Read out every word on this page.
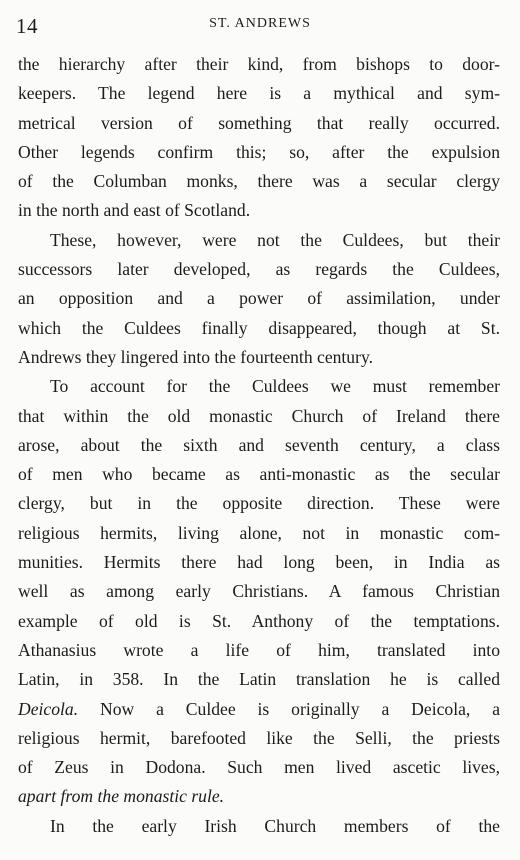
14	ST. ANDREWS
the hierarchy after their kind, from bishops to door-
keepers. The legend here is a mythical and sym-
metrical version of something that really occurred.
Other legends confirm this; so, after the expulsion
of the Columban monks, there was a secular clergy
in the north and east of Scotland.
These, however, were not the Culdees, but their
successors later developed, as regards the Culdees,
an opposition and a power of assimilation, under
which the Culdees finally disappeared, though at St.
Andrews they lingered into the fourteenth century.
To account for the Culdees we must remember
that within the old monastic Church of Ireland there
arose, about the sixth and seventh century, a class
of men who became as anti-monastic as the secular
clergy, but in the opposite direction. These were
religious hermits, living alone, not in monastic com-
munities. Hermits there had long been, in India as
well as among early Christians. A famous Christian
example of old is St. Anthony of the temptations.
Athanasius wrote a life of him, translated into
Latin, in 358. In the Latin translation he is called
Deicola. Now a Culdee is originally a Deicola, a
religious hermit, barefooted like the Selli, the priests
of Zeus in Dodona. Such men lived ascetic lives,
apart from the monastic rule.
In the early Irish Church members of the
